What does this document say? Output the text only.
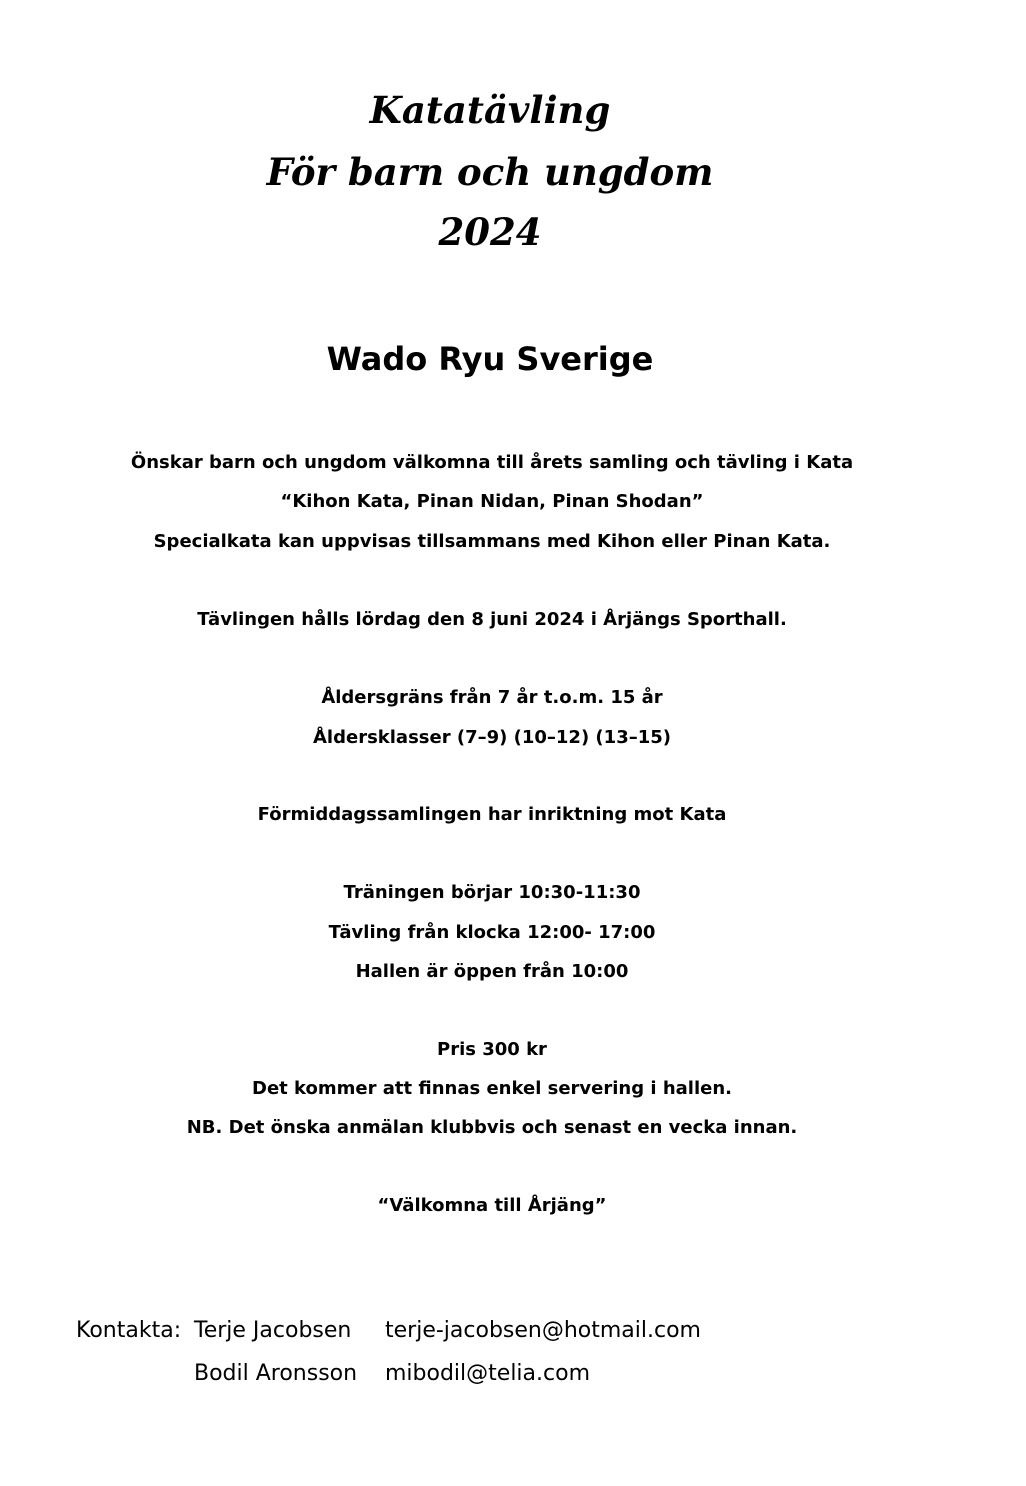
Katatävling
För barn och ungdom
2024
Wado Ryu Sverige

Önskar barn och ungdom välkomna till årets samling och tävling i Kata

“Kihon Kata, Pinan Nidan, Pinan Shodan”

Specialkata kan uppvisas tillsammans med Kihon eller Pinan Kata.

Tävlingen hålls lördag den 8 juni 2024 i Årjängs Sporthall.

Åldersgräns från 7 år t.o.m. 15 år

Åldersklasser (7–9) (10–12) (13–15)

Förmiddagssamlingen har inriktning mot Kata

Träningen börjar 10:30-11:30

Tävling från klocka 12:00- 17:00

Hallen är öppen från 10:00

Pris 300 kr

Det kommer att finnas enkel servering i hallen.

NB. Det önska anmälan klubbvis och senast en vecka innan.

“Välkomna till Årjäng”

Kontakta: Terje Jacobsen terje-jacobsen@hotmail.com
Bodil Aronsson mibodil@telia.com
